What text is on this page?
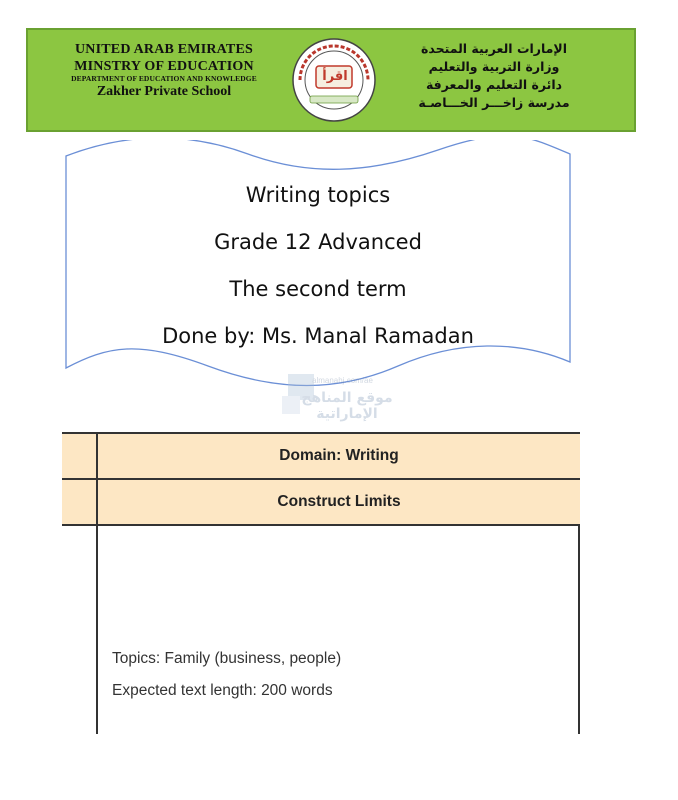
UNITED ARAB EMIRATES
MINSTRY OF EDUCATION
DEPARTMENT OF EDUCATION AND KNOWLEDGE
Zakher Private School
اقرأ
الإمارات العربية المتحدة
وزارة التربية والتعليم
دائرة التعليم والمعرفة
مدرسة زاخـــر الخـــاصـة
Writing topics
Grade 12 Advanced
The second term
Done by: Ms. Manal Ramadan
almanahj.com/ae
موقع المناهج الإماراتية
Domain: Writing
Construct Limits
Topics: Family (business, people)
Expected text length: 200 words
